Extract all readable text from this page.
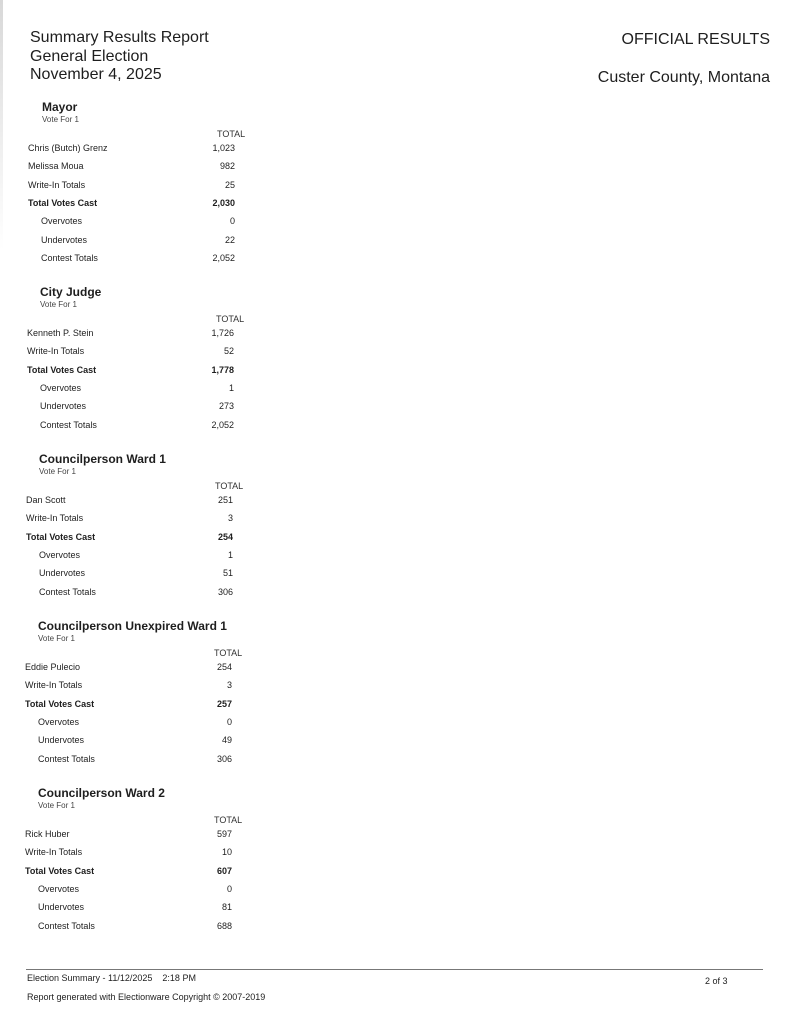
Summary Results Report
General Election
November 4, 2025
OFFICIAL RESULTS
Custer County, Montana
Mayor
Vote For 1
TOTAL
Chris (Butch) Grenz	1,023
Melissa Moua	982
Write-In Totals	25
Total Votes Cast	2,030
Overvotes	0
Undervotes	22
Contest Totals	2,052
City Judge
Vote For 1
TOTAL
Kenneth P. Stein	1,726
Write-In Totals	52
Total Votes Cast	1,778
Overvotes	1
Undervotes	273
Contest Totals	2,052
Councilperson Ward 1
Vote For 1
TOTAL
Dan Scott	251
Write-In Totals	3
Total Votes Cast	254
Overvotes	1
Undervotes	51
Contest Totals	306
Councilperson Unexpired Ward 1
Vote For 1
TOTAL
Eddie Pulecio	254
Write-In Totals	3
Total Votes Cast	257
Overvotes	0
Undervotes	49
Contest Totals	306
Councilperson Ward 2
Vote For 1
TOTAL
Rick Huber	597
Write-In Totals	10
Total Votes Cast	607
Overvotes	0
Undervotes	81
Contest Totals	688
Election Summary - 11/12/2025 2:18 PM	2 of 3
Report generated with Electionware Copyright © 2007-2019
